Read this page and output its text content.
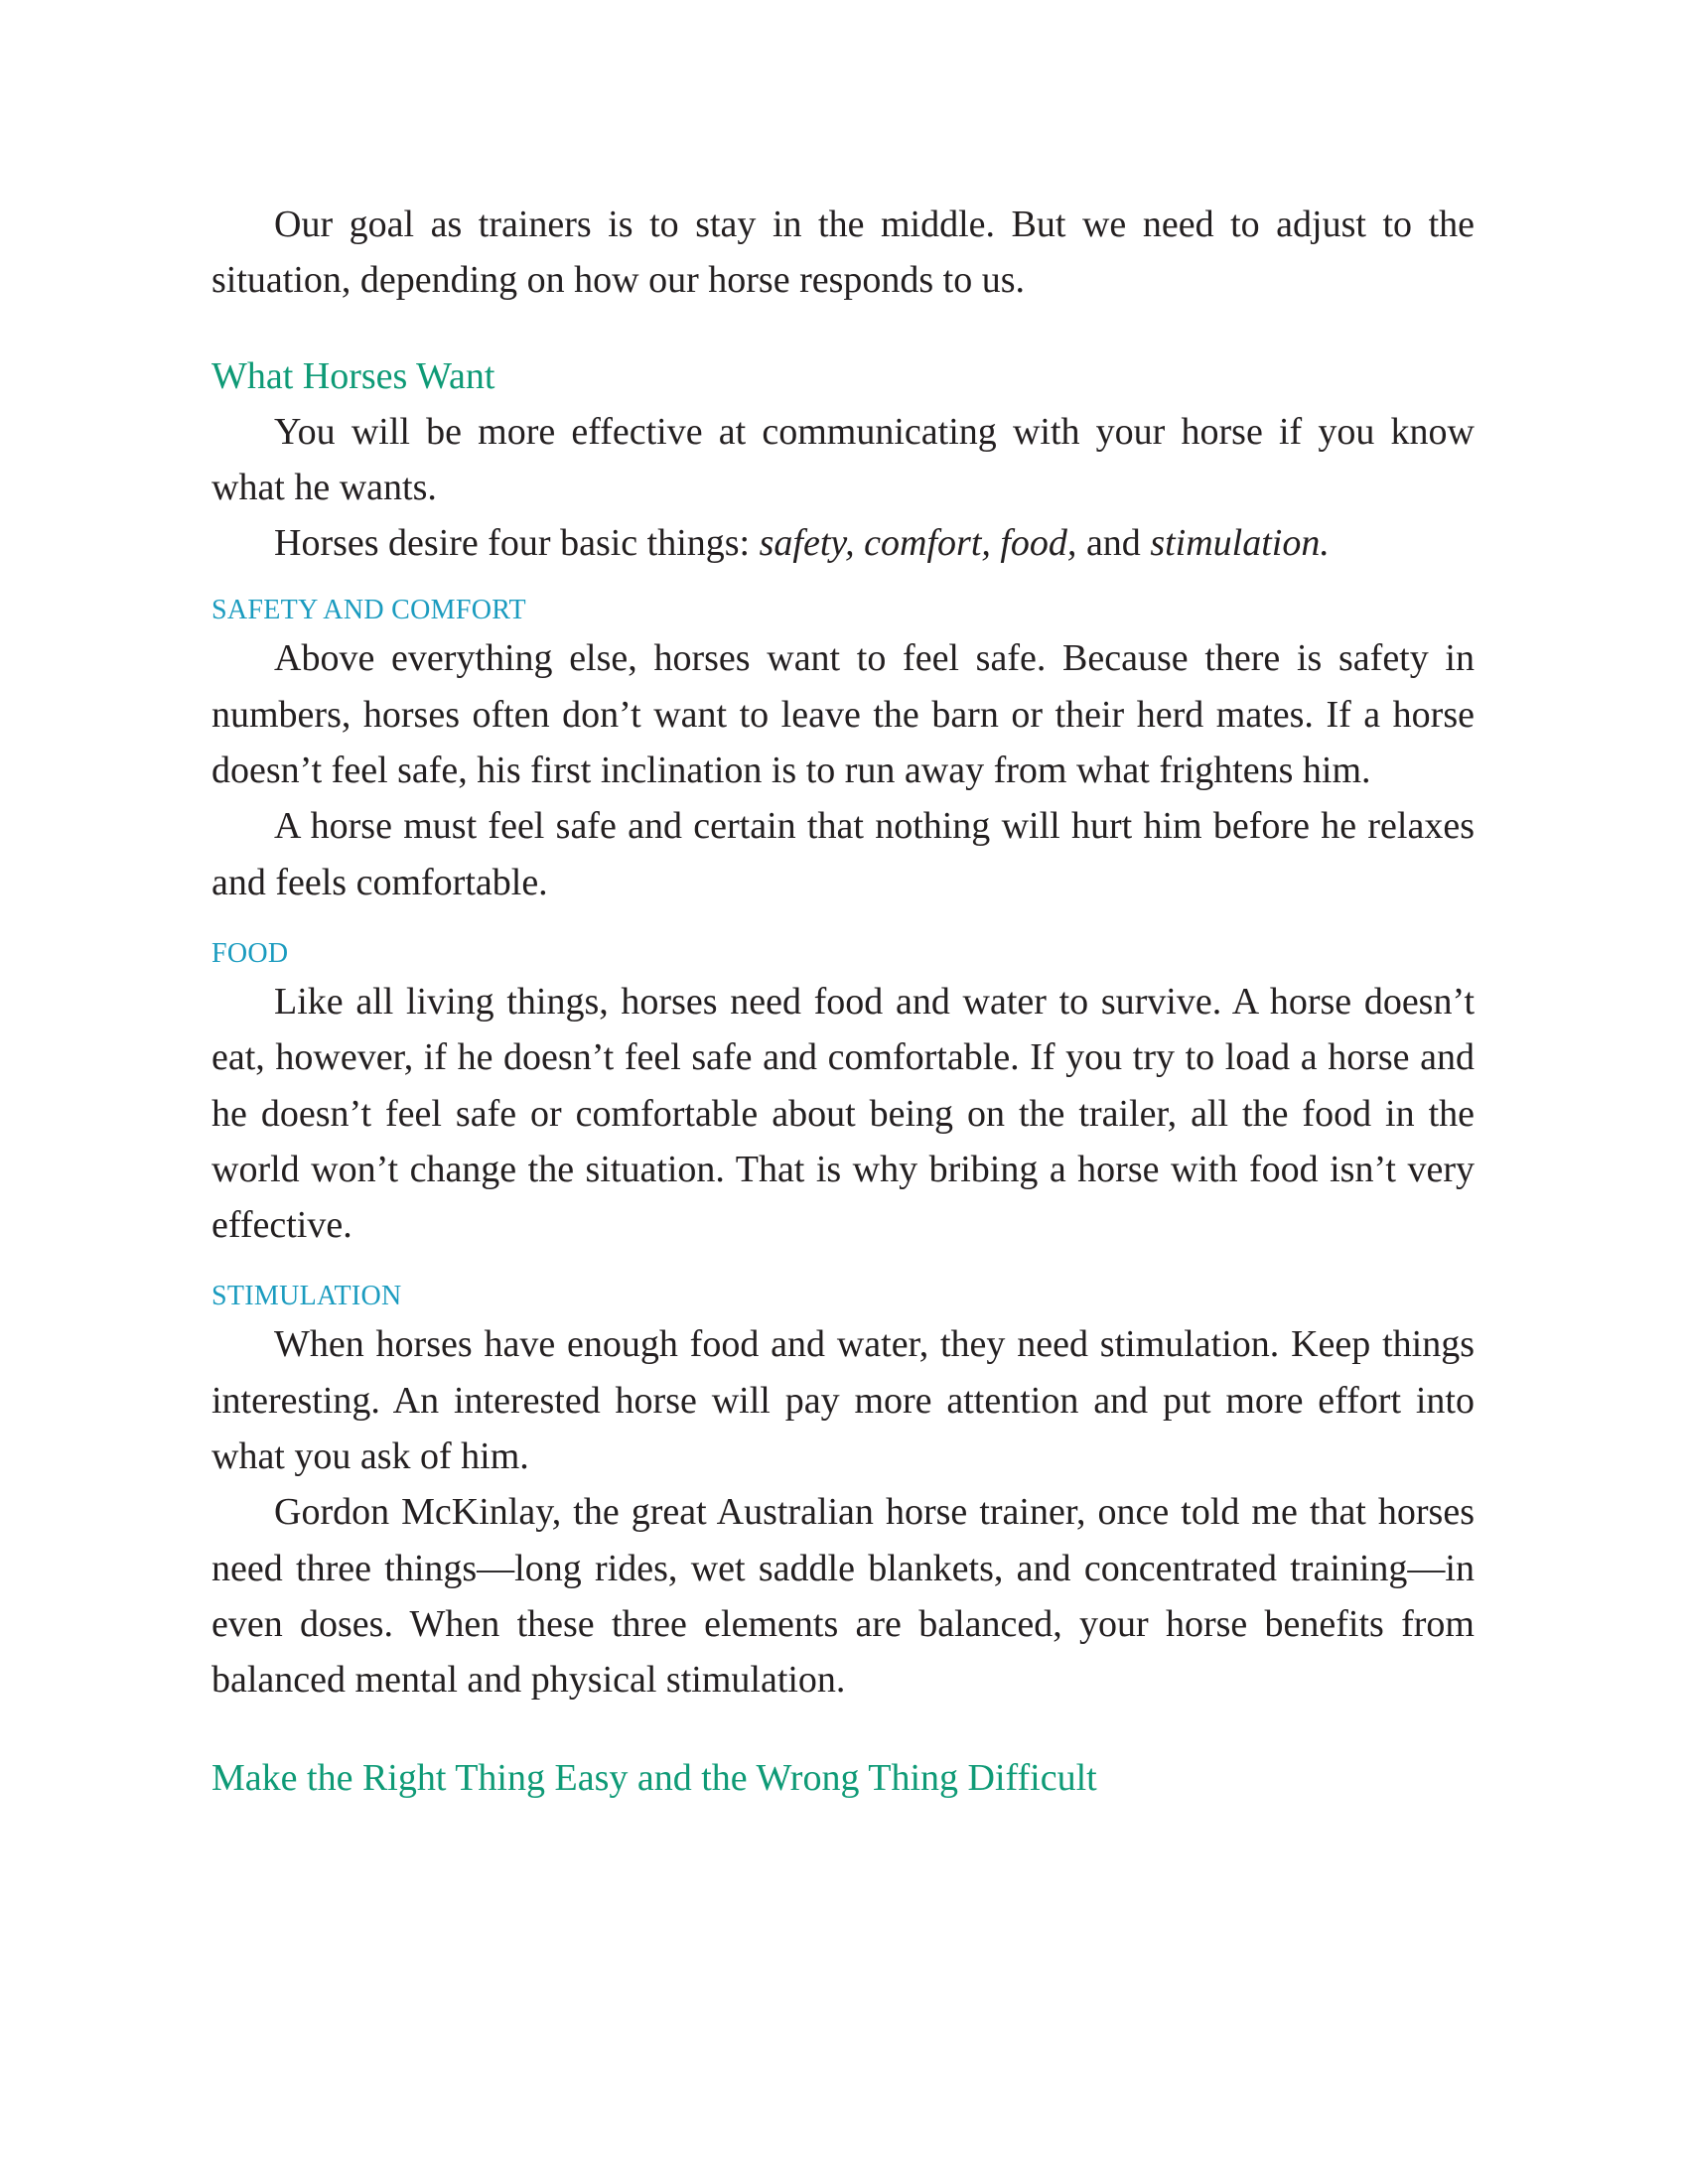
Our goal as trainers is to stay in the middle. But we need to adjust to the situation, depending on how our horse responds to us.

What Horses Want

You will be more effective at communicating with your horse if you know what he wants.

Horses desire four basic things: safety, comfort, food, and stimulation.

SAFETY AND COMFORT

Above everything else, horses want to feel safe. Because there is safety in numbers, horses often don’t want to leave the barn or their herd mates. If a horse doesn’t feel safe, his first inclination is to run away from what frightens him.

A horse must feel safe and certain that nothing will hurt him before he relaxes and feels comfortable.

FOOD

Like all living things, horses need food and water to survive. A horse doesn’t eat, however, if he doesn’t feel safe and comfortable. If you try to load a horse and he doesn’t feel safe or comfortable about being on the trailer, all the food in the world won’t change the situation. That is why bribing a horse with food isn’t very effective.

STIMULATION

When horses have enough food and water, they need stimulation. Keep things interesting. An interested horse will pay more attention and put more effort into what you ask of him.

Gordon McKinlay, the great Australian horse trainer, once told me that horses need three things—long rides, wet saddle blankets, and concentrated training—in even doses. When these three elements are balanced, your horse benefits from balanced mental and physical stimulation.

Make the Right Thing Easy and the Wrong Thing Difficult
